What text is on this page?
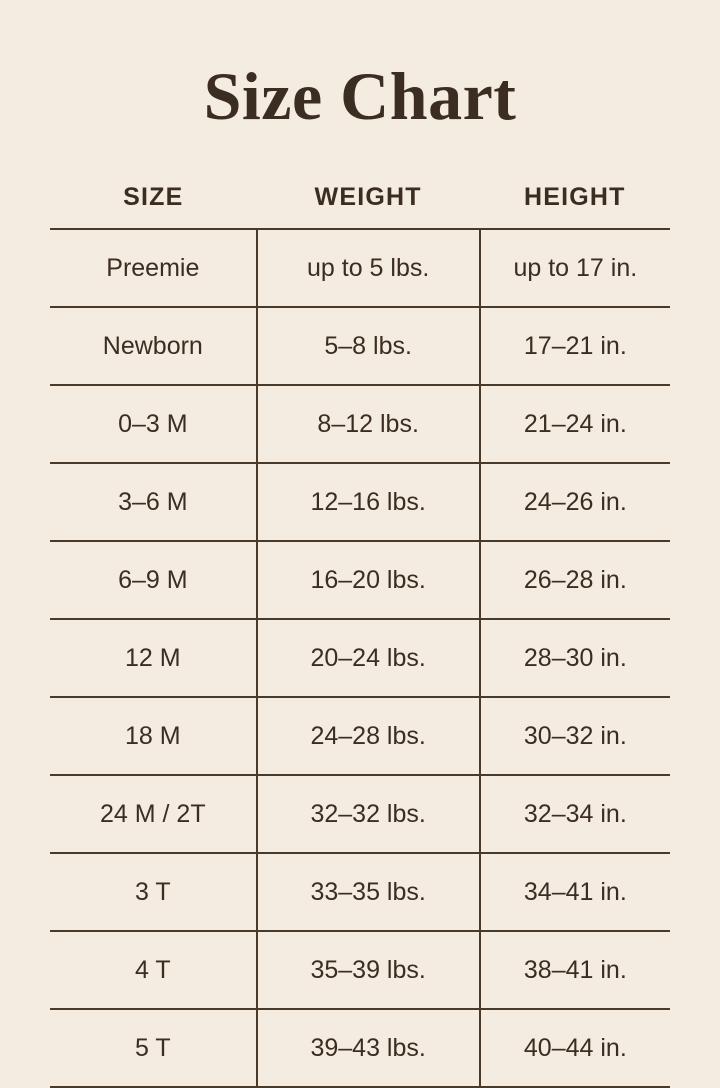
Size Chart
SIZE	WEIGHT	HEIGHT
Preemie	up to 5 lbs.	up to 17 in.
Newborn	5–8 lbs.	17–21 in.
0–3 M	8–12 lbs.	21–24 in.
3–6 M	12–16 lbs.	24–26 in.
6–9 M	16–20 lbs.	26–28 in.
12 M	20–24 lbs.	28–30 in.
18 M	24–28 lbs.	30–32 in.
24 M / 2T	32–32 lbs.	32–34 in.
3 T	33–35 lbs.	34–41 in.
4 T	35–39 lbs.	38–41 in.
5 T	39–43 lbs.	40–44 in.
